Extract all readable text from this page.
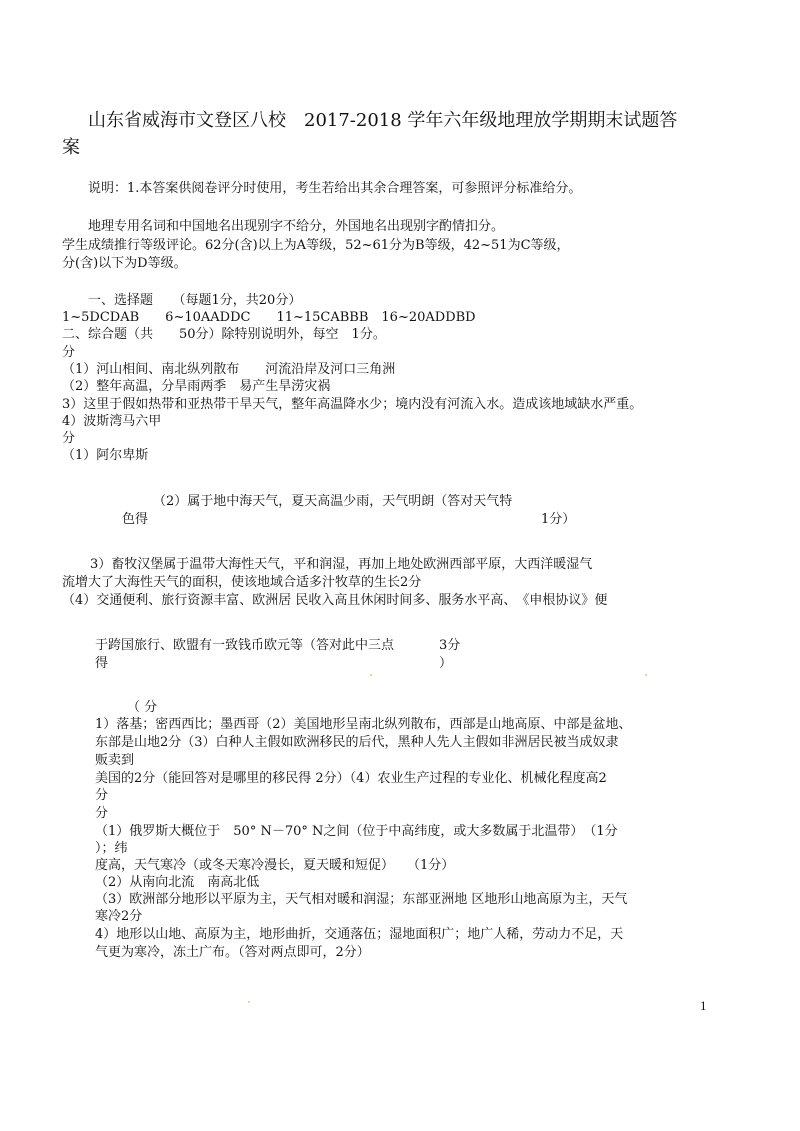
山东省威海市文登区八校　2017-2018 学年六年级地理放学期期末试题答
案
说明：1.本答案供阅卷评分时使用，考生若给出其余合理答案，可参照评分标准给分。
地理专用名词和中国地名出现别字不给分，外国地名出现别字酌情扣分。
学生成绩推行等级评论。62分(含)以上为A等级，52~61分为B等级，42~51为C等级，
分(含)以下为D等级。
一、选择题　　（每题1分，共20分）
1~5DCDAB　　6~10AADDC　　11~15CABBB　16~20ADDBD
二、综合题（共　　50分）除特别说明外，每空　1分。
分
（1）河山相间、南北纵列散布　　河流沿岸及河口三角洲
（2）整年高温，分旱雨两季　易产生旱涝灾祸
3）这里于假如热带和亚热带干旱天气，整年高温降水少；境内没有河流入水。造成该地域缺水严重。
4）波斯湾马六甲
分
（1）阿尔卑斯
（2）属于地中海天气，夏天高温少雨，天气明朗（答对天气特
色得	1分）
3）畜牧汉堡属于温带大海性天气，平和润湿，再加上地处欧洲西部平原，大西洋暖湿气
流增大了大海性天气的面积，使该地域合适多汁牧草的生长2分
（4）交通便利、旅行资源丰富、欧洲居 民收入高且休闲时间多、服务水平高、　《申根协议》便
于跨国旅行、欧盟有一致钱币欧元等（答对此中三点	3分
得	）
（ 分
1）落基；密西西比；墨西哥（2）美国地形呈南北纵列散布，西部是山地高原、中部是盆地、
东部是山地2分（3）白种人主假如欧洲移民的后代，黑种人先人主假如非洲居民被当成奴隶
贩卖到
美国的2分（能回答对是哪里的移民得 2分）（4）农业生产过程的专业化、机械化程度高2
分
分
（1）俄罗斯大概位于　50° N－70° N之间（位于中高纬度，或大多数属于北温带）　（1分
）；纬
度高，天气寒冷（或冬天寒冷漫长，夏天暖和短促）　　（1分）
（2）从南向北流　南高北低
（3）欧洲部分地形以平原为主，天气相对暖和润湿；东部亚洲地 区地形山地高原为主，天气
寒冷2分
4）地形以山地、高原为主，地形曲折，交通落伍；湿地面积广；地广人稀，劳动力不足，天
气更为寒冷，冻土广布。（答对两点即可，2分）
1
